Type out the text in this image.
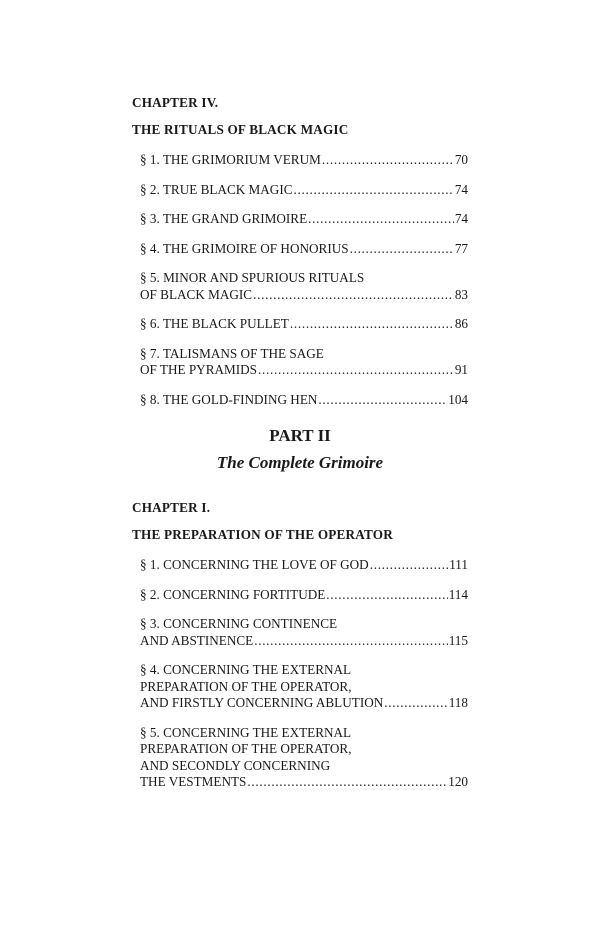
CHAPTER IV.

THE RITUALS OF BLACK MAGIC

§ 1. THE GRIMORIUM VERUM . . .	70
§ 2. TRUE BLACK MAGIC . . .	74
§ 3. THE GRAND GRIMOIRE . . .	74
§ 4. THE GRIMOIRE OF HONORIUS . . .	77
§ 5. MINOR AND SPURIOUS RITUALS
OF BLACK MAGIC . . .	83
§ 6. THE BLACK PULLET . . .	86
§ 7. TALISMANS OF THE SAGE
OF THE PYRAMIDS . . .	91
§ 8. THE GOLD-FINDING HEN . . .	104

PART II

The Complete Grimoire

CHAPTER I.

THE PREPARATION OF THE OPERATOR

§ 1. CONCERNING THE LOVE OF GOD . . .	111
§ 2. CONCERNING FORTITUDE . . .	114
§ 3. CONCERNING CONTINENCE
AND ABSTINENCE . . .	115
§ 4. CONCERNING THE EXTERNAL
PREPARATION OF THE OPERATOR,
AND FIRSTLY CONCERNING ABLUTION . . .	118
§ 5. CONCERNING THE EXTERNAL
PREPARATION OF THE OPERATOR,
AND SECONDLY CONCERNING
THE VESTMENTS . . .	120
